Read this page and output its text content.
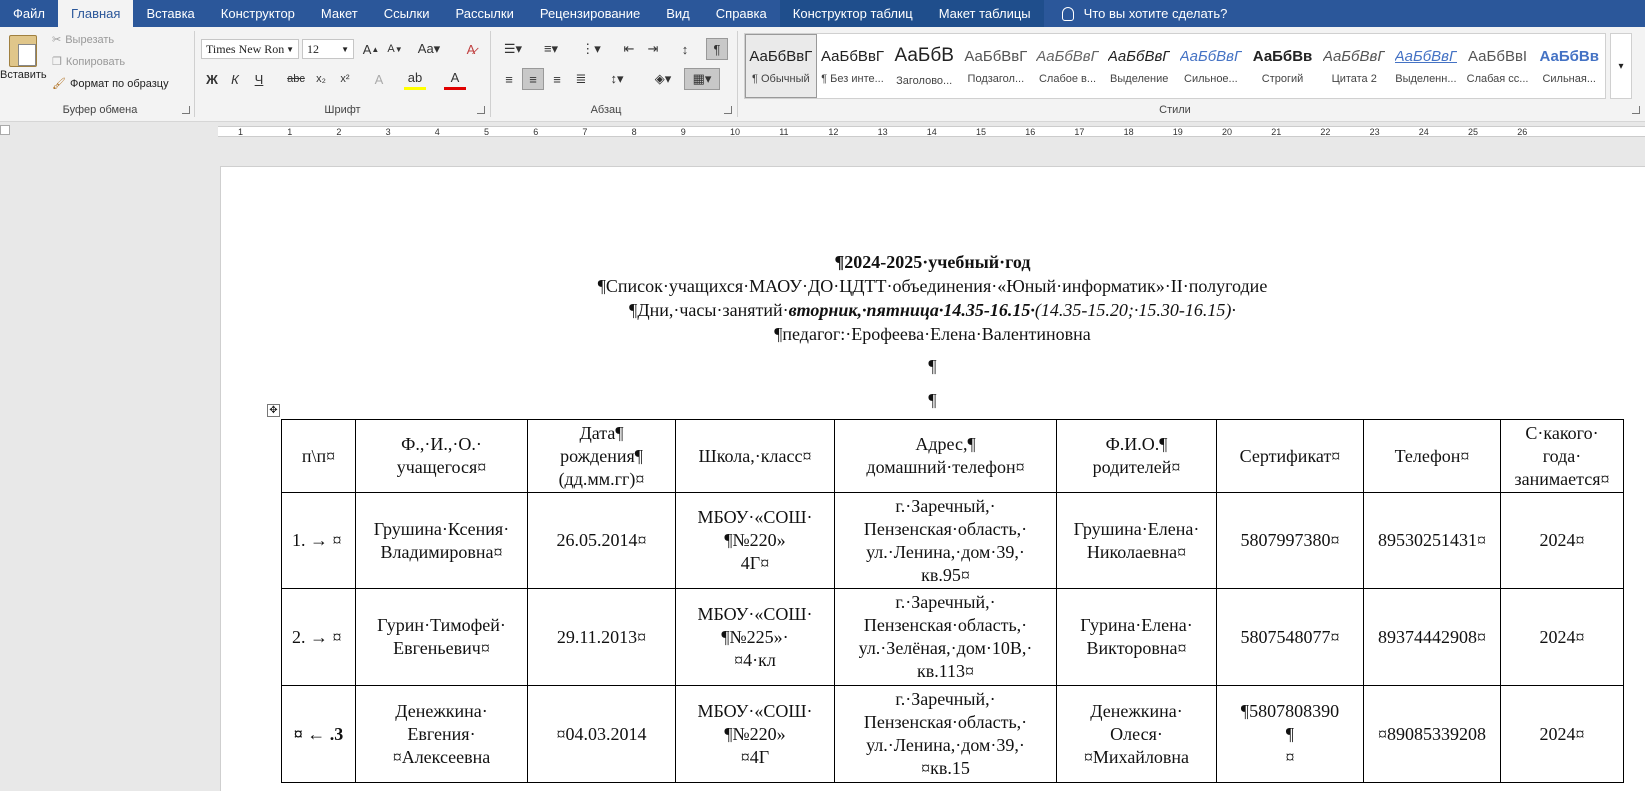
Файл	Главная	Вставка	Конструктор	Макет	Ссылки	Рассылки	Рецензирование	Вид	Справка	Конструктор таблиц	Макет таблицы	Что вы хотите сделать?
Вставить
✂ Вырезать
❐ Копировать
🖌 Формат по образцу
Буфер обмена
Times New Ron ▼ 12	▼ A ▲ A ▼ Aa▾	A̷
Ж	К	Ч	abc	x₂	x²	A	ab	A
Шрифт
☰▾	≡▾	⋮▾	⇤	⇥	↕	¶
≡	≡	≡	≣	↕▾	◈▾	▦▾
Абзац
АаБбВвГ
¶ Обычный
АаБбВвГ
¶ Без инте...
АаБбВ
Заголово...
АаБбВвГ
Подзагол...
АаБбВвГ
Слабое в...
АаБбВвГ
Выделение
АаБбВвГ
Сильное...
АаБбВв
Строгий
АаБбВвГ
Цитата 2
АаБбВвГ
Выделенн...
АаБбВвІ
Слабая сс...
АаБбВв
Сильная...
▾
Стили
1	1	2	3	4	5	6	7	8	9	10	11	12	13	14	15	16	17	18	19	20	21	22	23	24	25	26
¶2024-2025·учебный·год
¶Список·учащихся·МАОУ·ДО·ЦДТТ·объединения·«Юный·информатик»·II·полугодие
¶Дни,·часы·занятий·вторник,·пятница·14.35-16.15·(14.35-15.20;·15.30-16.15)·
¶педагог:·Ерофеева·Елена·Валентиновна
¶
¶
✥
п\п¤	Ф.,·И.,·О.·
учащегося¤	Дата¶
рождения¶
(дд.мм.гг)¤	Школа,·класс¤	Адрес,¶
домашний·телефон¤	Ф.И.О.¶
родителей¤	Сертификат¤	Телефон¤	С·какого·
года·
занимается¤
1. → ¤	Грушина·Ксения·
Владимировна¤	26.05.2014¤	МБОУ·«СОШ·
¶№220»
4Г¤	г.·Заречный,·
Пензенская·область,·
ул.·Ленина,·дом·39,·
кв.95¤	Грушина·Елена·
Николаевна¤	5807997380¤	89530251431¤	2024¤
2. → ¤	Гурин·Тимофей·
Евгеньевич¤	29.11.2013¤	МБОУ·«СОШ·
¶№225»·
¤4·кл	г.·Заречный,·
Пензенская·область,·
ул.·Зелёная,·дом·10В,·
кв.113¤	Гурина·Елена·
Викторовна¤	5807548077¤	89374442908¤	2024¤
¤ ← .3	Денежкина·
Евгения·
¤Алексеевна	¤04.03.2014	МБОУ·«СОШ·
¶№220»
¤4Г	г.·Заречный,·
Пензенская·область,·
ул.·Ленина,·дом·39,·
¤кв.15	Денежкина·
Олеся·
¤Михайловна	¶5807808390
¶
¤	¤89085339208	2024¤
